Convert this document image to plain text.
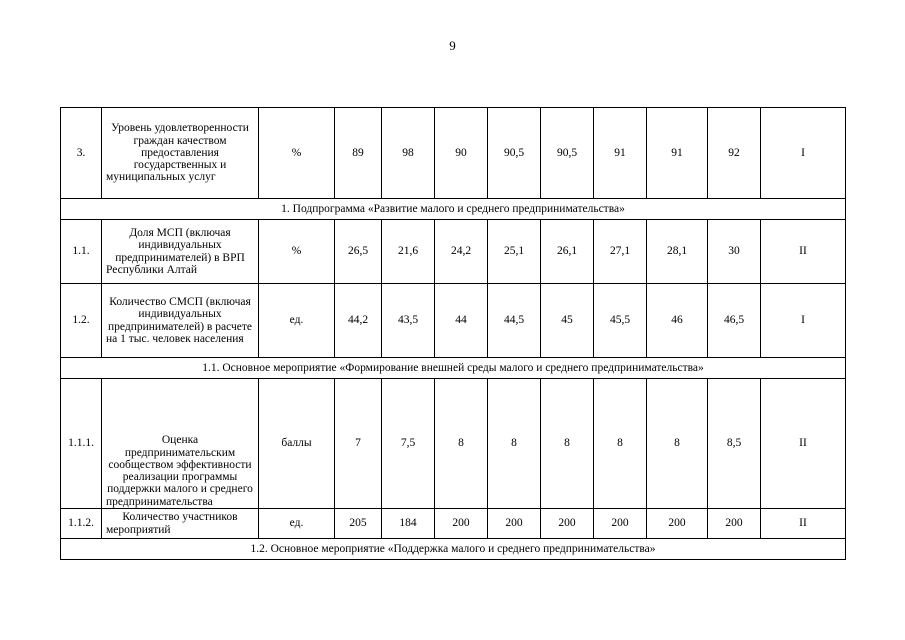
9
3.	Уровень удовлетворенности граждан качеством предоставления государственных и муниципальных услуг	%	89	98	90	90,5	90,5	91	91	92	I
1. Подпрограмма «Развитие малого и среднего предпринимательства»											
1.1.	Доля МСП (включая индивидуальных предпринимателей) в ВРП Республики Алтай	%	26,5	21,6	24,2	25,1	26,1	27,1	28,1	30	II
1.2.	Количество СМСП (включая индивидуальных предпринимателей) в расчете на 1 тыс. человек населения	ед.	44,2	43,5	44	44,5	45	45,5	46	46,5	I
1.1. Основное мероприятие «Формирование внешней среды малого и среднего предпринимательства»											
1.1.1.	Оценка предпринимательским сообществом эффективности реализации программы поддержки малого и среднего предпринимательства	баллы	7	7,5	8	8	8	8	8	8,5	II
1.1.2.	Количество участников мероприятий	ед.	205	184	200	200	200	200	200	200	II
1.2. Основное мероприятие «Поддержка малого и среднего предпринимательства»											
